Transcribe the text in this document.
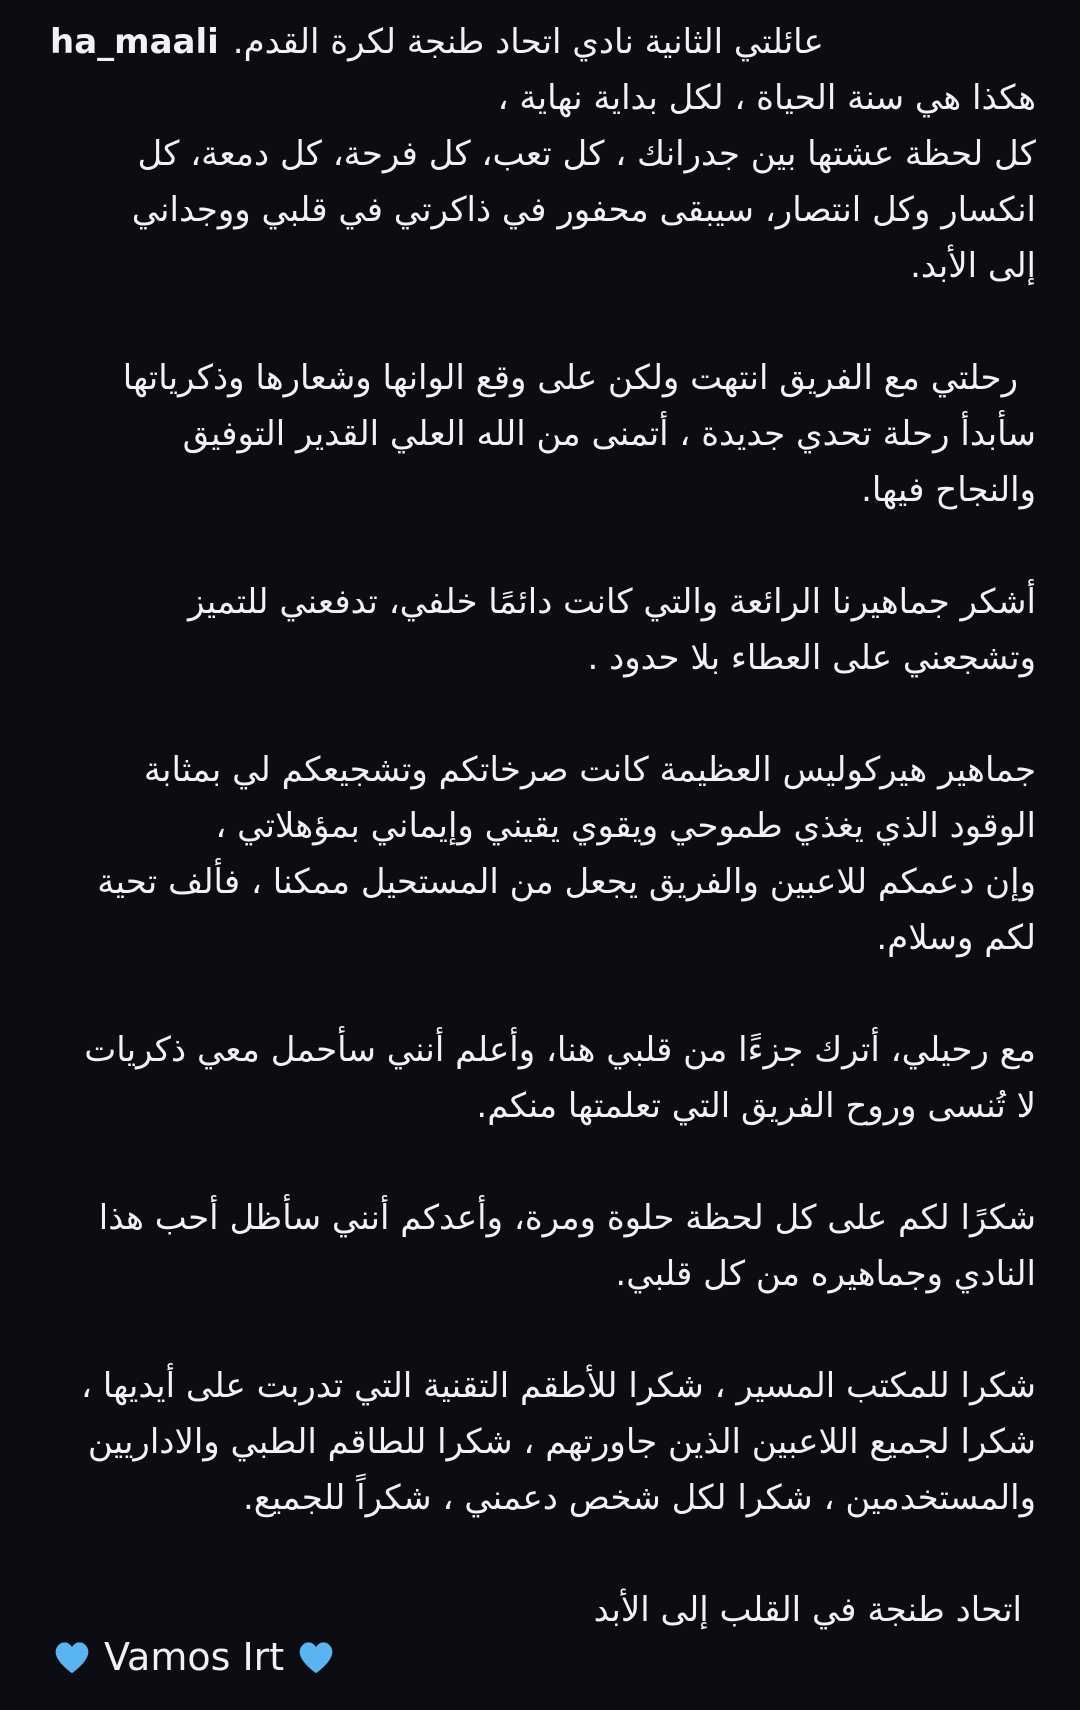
عائلتي الثانية نادي اتحاد طنجة لكرة القدم.
ha_maali
هكذا هي سنة الحياة ، لكل بداية نهاية ،
كل لحظة عشتها بين جدرانك ، كل تعب، كل فرحة، كل دمعة، كل
انكسار وكل انتصار، سيبقى محفور في ذاكرتي في قلبي ووجداني
إلى الأبد.
رحلتي مع الفريق انتهت ولكن على وقع الوانها وشعارها وذكرياتها
سأبدأ رحلة تحدي جديدة ، أتمنى من الله العلي القدير التوفيق
والنجاح فيها.
أشكر جماهيرنا الرائعة والتي كانت دائمًا خلفي، تدفعني للتميز
وتشجعني على العطاء بلا حدود .
جماهير هيركوليس العظيمة كانت صرخاتكم وتشجيعكم لي بمثابة
الوقود الذي يغذي طموحي ويقوي يقيني وإيماني بمؤهلاتي ،
وإن دعمكم للاعبين والفريق يجعل من المستحيل ممكنا ، فألف تحية
لكم وسلام.
مع رحيلي، أترك جزءًا من قلبي هنا، وأعلم أنني سأحمل معي ذكريات
لا تُنسى وروح الفريق التي تعلمتها منكم.
شكرًا لكم على كل لحظة حلوة ومرة، وأعدكم أنني سأظل أحب هذا
النادي وجماهيره من كل قلبي.
شكرا للمكتب المسير ، شكرا للأطقم التقنية التي تدربت على أيديها ،
شكرا لجميع اللاعبين الذين جاورتهم ، شكرا للطاقم الطبي والاداريين
والمستخدمين ، شكرا لكل شخص دعمني ، شكراً للجميع.
اتحاد طنجة في القلب إلى الأبد
Vamos Irt
